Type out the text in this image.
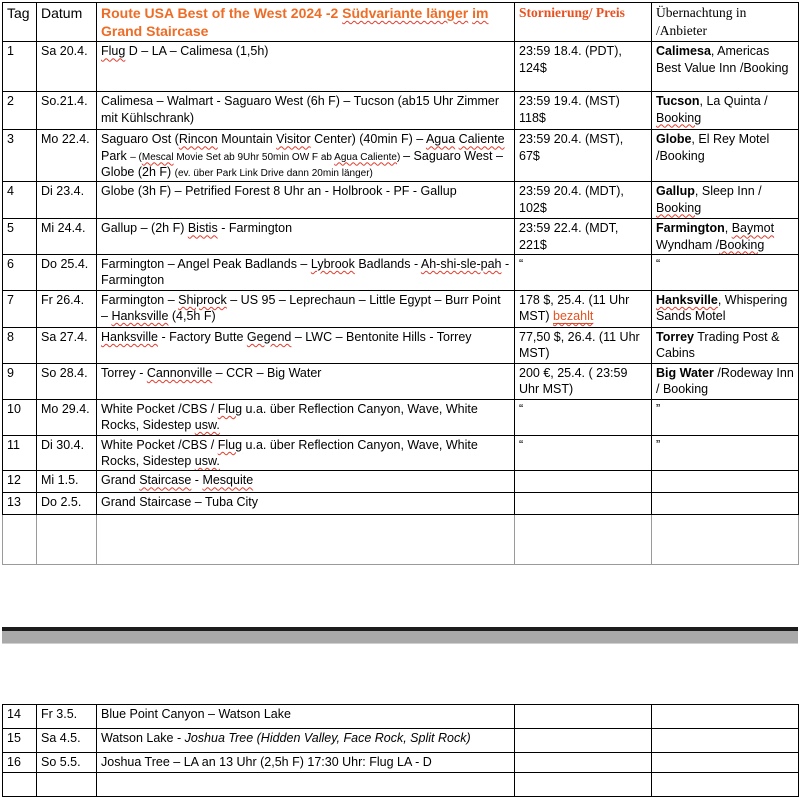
Tag	Datum	Route USA Best of the West 2024 -2 Südvariante länger im Grand Staircase	Stornierung/ Preis	Übernachtung in /Anbieter
1	Sa 20.4.	Flug D – LA – Calimesa (1,5h)	23:59 18.4. (PDT), 124$	Calimesa, Americas Best Value Inn /Booking
2	So.21.4.	Calimesa – Walmart - Saguaro West (6h F) – Tucson (ab15 Uhr Zimmer mit Kühlschrank)	23:59 19.4. (MST) 118$	Tucson, La Quinta / Booking
3	Mo 22.4.	Saguaro Ost (Rincon Mountain Visitor Center) (40min F) – Agua Caliente Park – (Mescal Movie Set ab 9Uhr 50min OW F ab Agua Caliente) – Saguaro West – Globe (2h F) (ev. über Park Link Drive dann 20min länger)	23:59 20.4. (MST), 67$	Globe, El Rey Motel /Booking
4	Di 23.4.	Globe (3h F) – Petrified Forest 8 Uhr an - Holbrook - PF - Gallup	23:59 20.4. (MDT), 102$	Gallup, Sleep Inn / Booking
5	Mi 24.4.	Gallup – (2h F) Bistis - Farmington	23:59 22.4. (MDT, 221$	Farmington, Baymot Wyndham /Booking
6	Do 25.4.	Farmington – Angel Peak Badlands – Lybrook Badlands - Ah-shi-sle-pah - Farmington	“	“
7	Fr 26.4.	Farmington – Shiprock – US 95 – Leprechaun – Little Egypt – Burr Point – Hanksville (4,5h F)	178 $, 25.4. (11 Uhr MST) bezahlt	Hanksville, Whispering Sands Motel
8	Sa 27.4.	Hanksville - Factory Butte Gegend – LWC – Bentonite Hills - Torrey	77,50 $, 26.4. (11 Uhr MST)	Torrey Trading Post & Cabins
9	So 28.4.	Torrey - Cannonville – CCR – Big Water	200 €, 25.4. ( 23:59 Uhr MST)	Big Water /Rodeway Inn / Booking
10	Mo 29.4.	White Pocket /CBS / Flug u.a. über Reflection Canyon, Wave, White Rocks, Sidestep usw.	“	”
11	Di 30.4.	White Pocket /CBS / Flug u.a. über Reflection Canyon, Wave, White Rocks, Sidestep usw.	“	”
12	Mi 1.5.	Grand Staircase - Mesquite		
13	Do 2.5.	Grand Staircase – Tuba City		

14	Fr 3.5.	Blue Point Canyon – Watson Lake		
15	Sa 4.5.	Watson Lake - Joshua Tree (Hidden Valley, Face Rock, Split Rock)		
16	So 5.5.	Joshua Tree – LA an 13 Uhr (2,5h F) 17:30 Uhr: Flug LA - D		
